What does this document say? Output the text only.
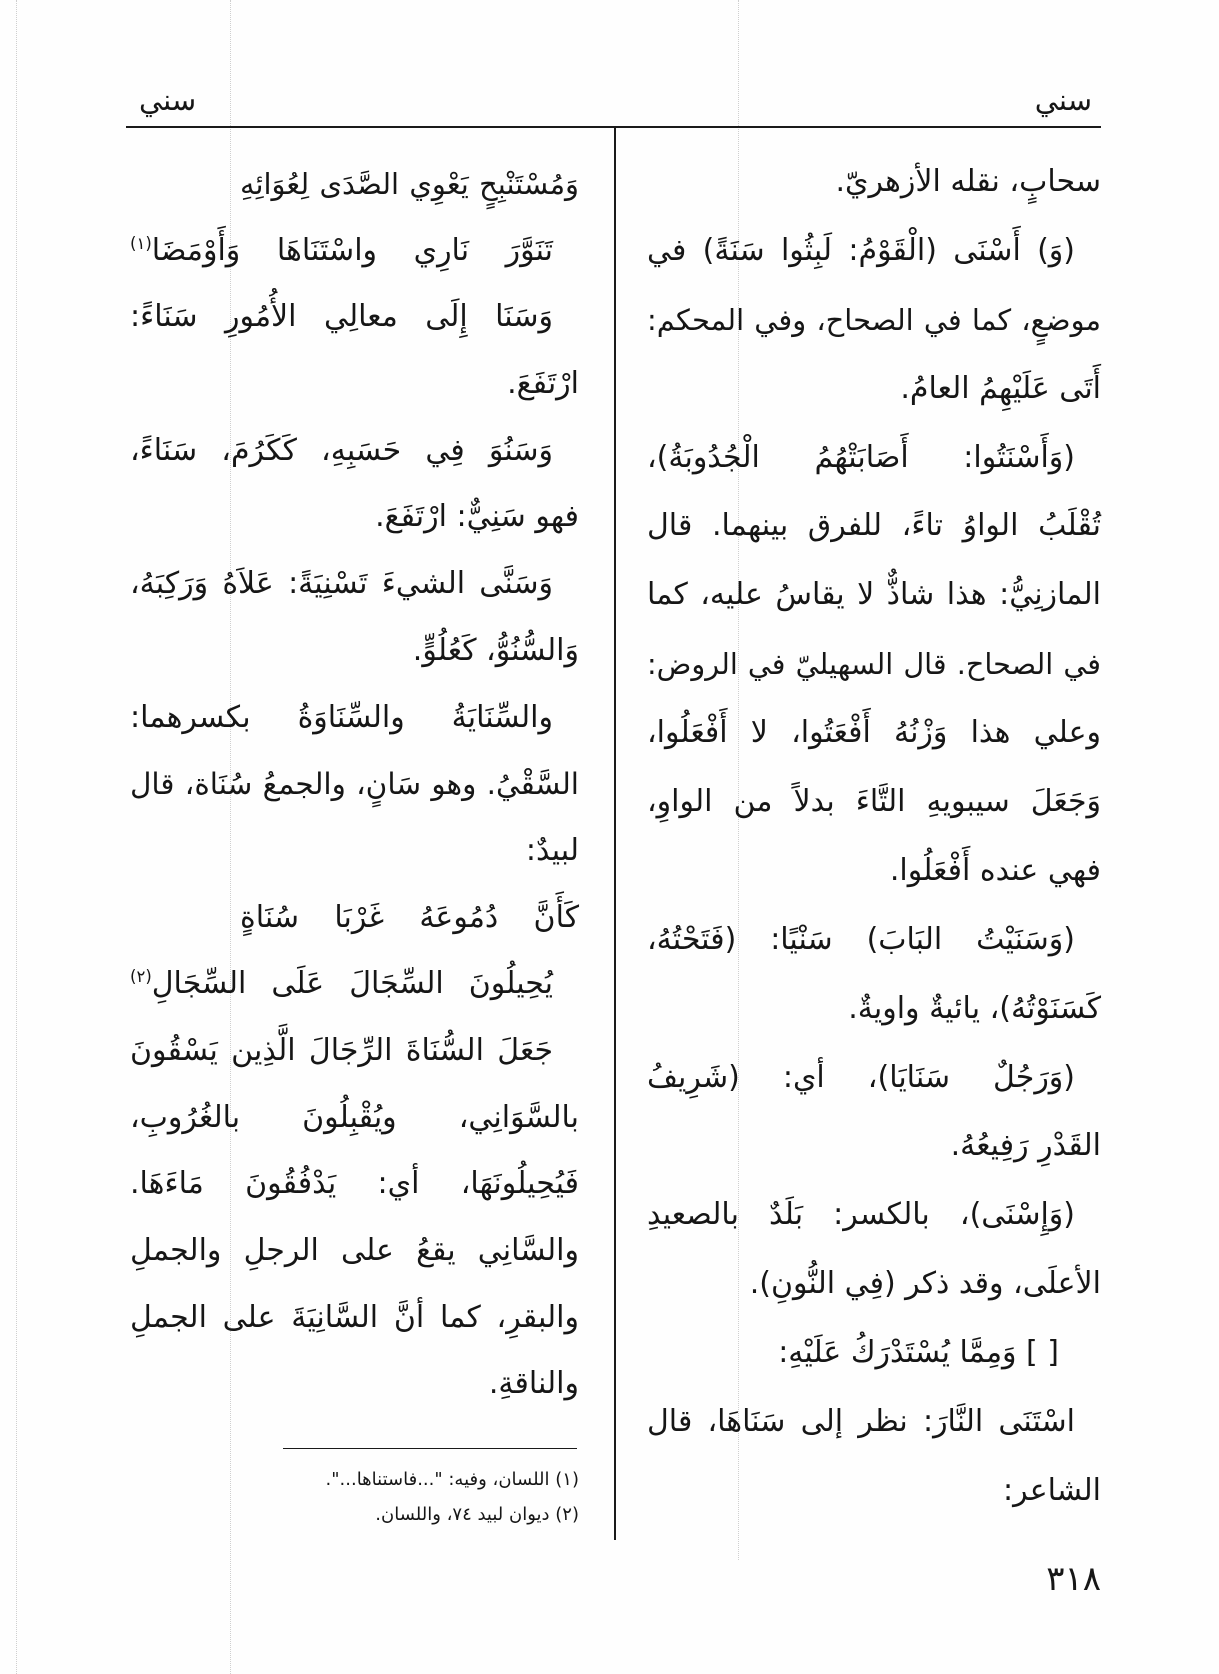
سني
سني
سحابٍ، نقله الأزهريّ.
(وَ) أَسْنَى (الْقَوْمُ: لَبِثُوا سَنَةً) في
موضعٍ، كما في الصحاح، وفي المحكم:
أَتَى عَلَيْهِمُ العامُ.
(وَأَسْنَتُوا: أَصَابَتْهُمُ الْجُدُوبَةُ)،
تُقْلَبُ الواوُ تاءً، للفرق بينهما. قال
المازنِيُّ: هذا شاذٌّ لا يقاسُ عليه، كما
في الصحاح. قال السهيليّ في الروض:
وعلي هذا وَزْنُهُ أَفْعَتُوا، لا أَفْعَلُوا،
وَجَعَلَ سيبويهِ التَّاءَ بدلاً من الواوِ،
فهي عنده أَفْعَلُوا.
(وَسَنَيْتُ البَابَ) سَنْيًا: (فَتَحْتُهُ،
كَسَنَوْتُهُ)، يائيةٌ واويةٌ.
(وَرَجُلٌ سَنَايَا)، أي: (شَرِيفُ
القَدْرِ رَفِيعُهُ.
(وَإِسْنَى)، بالكسر: بَلَدٌ بالصعيدِ
الأعلَى، وقد ذكر (فِي النُّونِ).
[ ] وَمِمَّا يُسْتَدْرَكُ عَلَيْهِ:
اسْتَنَى النَّارَ: نظر إلى سَنَاهَا، قال
الشاعر:
وَمُسْتَنْبِحٍ يَعْوِي الصَّدَى لِعُوَائِهِ
تَنَوَّرَ نَارِي واسْتَنَاهَا وَأَوْمَضَا$^{(١)}$
وَسَنَا إِلَى معالِي الأُمُورِ سَنَاءً:
ارْتَفَعَ.
وَسَنُوَ فِي حَسَبِهِ، كَكَرُمَ، سَنَاءً،
فهو سَنِيٌّ: ارْتَفَعَ.
وَسَنَّى الشيءَ تَسْنِيَةً: عَلاَهُ وَرَكِبَهُ،
وَالسُّنُوُّ، كَعُلُوٍّ.
والسِّنَايَةُ والسِّنَاوَةُ بكسرهما:
السَّقْيُ. وهو سَانٍ، والجمعُ سُنَاة، قال
لبيدٌ:
كَأَنَّ دُمُوعَهُ غَرْبَا سُنَاةٍ
يُحِيلُونَ السِّجَالَ عَلَى السِّجَالِ$^{(٢)}$
جَعَلَ السُّنَاةَ الرِّجَالَ الَّذِين يَسْقُونَ
بالسَّوَانِي، ويُقْبِلُونَ بالغُرُوبِ،
فَيُحِيلُونَهَا، أي: يَدْفُقُونَ مَاءَهَا.
والسَّانِي يقعُ على الرجلِ والجملِ
والبقرِ، كما أنَّ السَّانِيَةَ على الجملِ
والناقةِ.
(١) اللسان، وفيه: "...فاستناها...".
(٢) ديوان لبيد ٧٤، واللسان.
٣١٨
